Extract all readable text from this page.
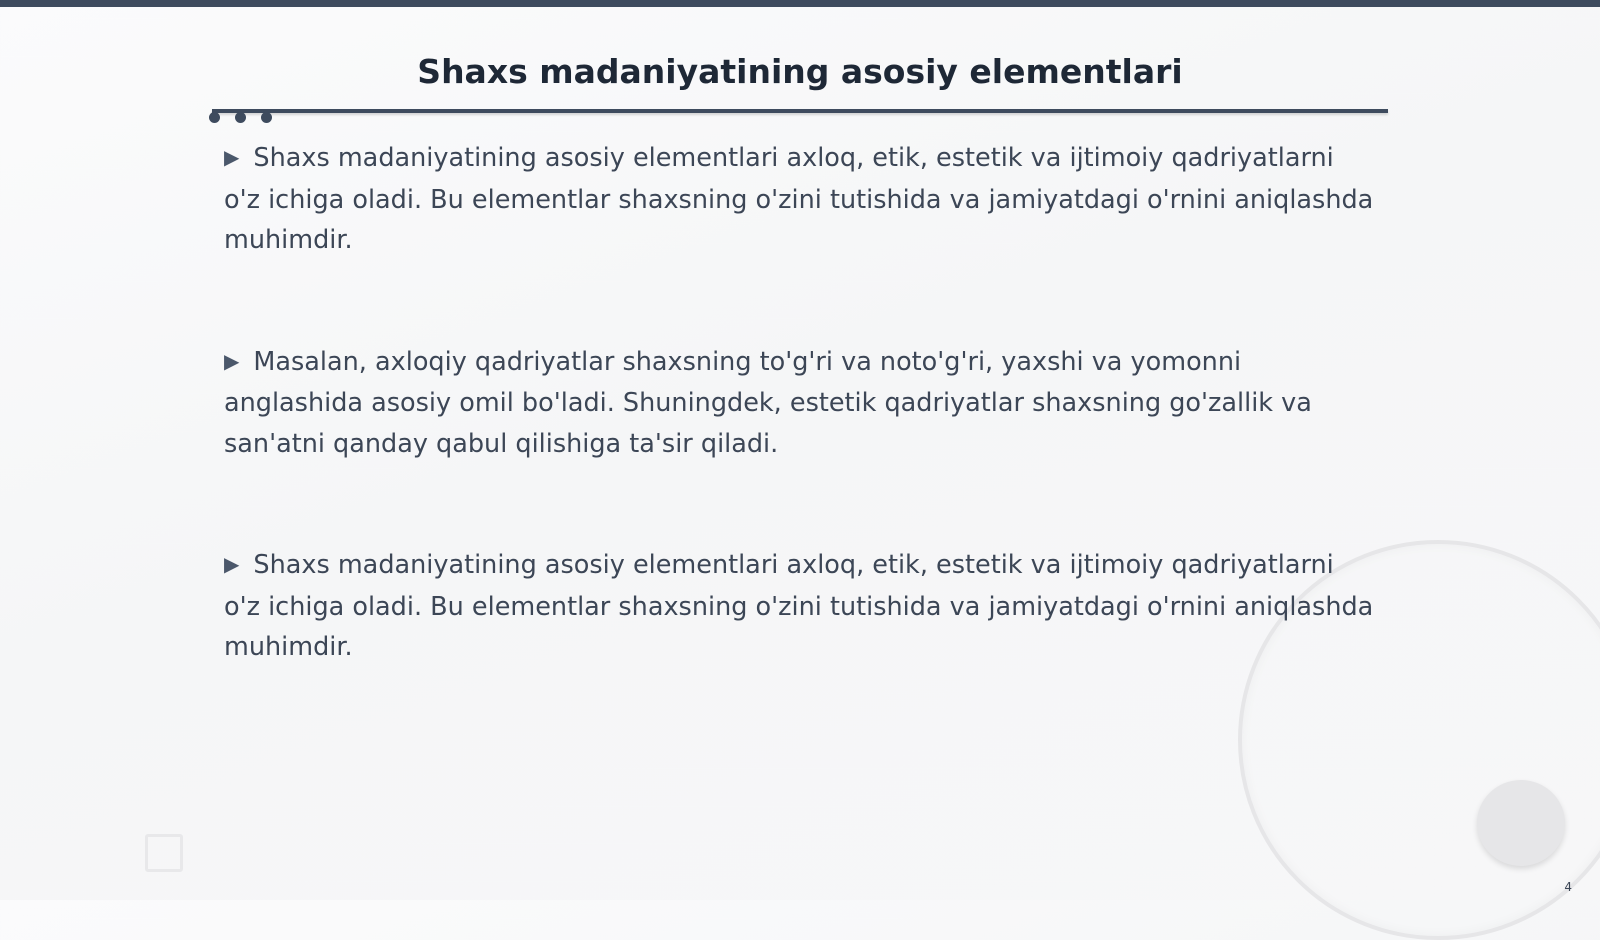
Shaxs madaniyatining asosiy elementlari

▶ Shaxs madaniyatining asosiy elementlari axloq, etik, estetik va ijtimoiy qadriyatlarni o'z ichiga oladi. Bu elementlar shaxsning o'zini tutishida va jamiyatdagi o'rnini aniqlashda muhimdir.

▶ Masalan, axloqiy qadriyatlar shaxsning to'g'ri va noto'g'ri, yaxshi va yomonni anglashida asosiy omil bo'ladi. Shuningdek, estetik qadriyatlar shaxsning go'zallik va san'atni qanday qabul qilishiga ta'sir qiladi.

▶ Shaxs madaniyatining asosiy elementlari axloq, etik, estetik va ijtimoiy qadriyatlarni o'z ichiga oladi. Bu elementlar shaxsning o'zini tutishida va jamiyatdagi o'rnini aniqlashda muhimdir.

4
